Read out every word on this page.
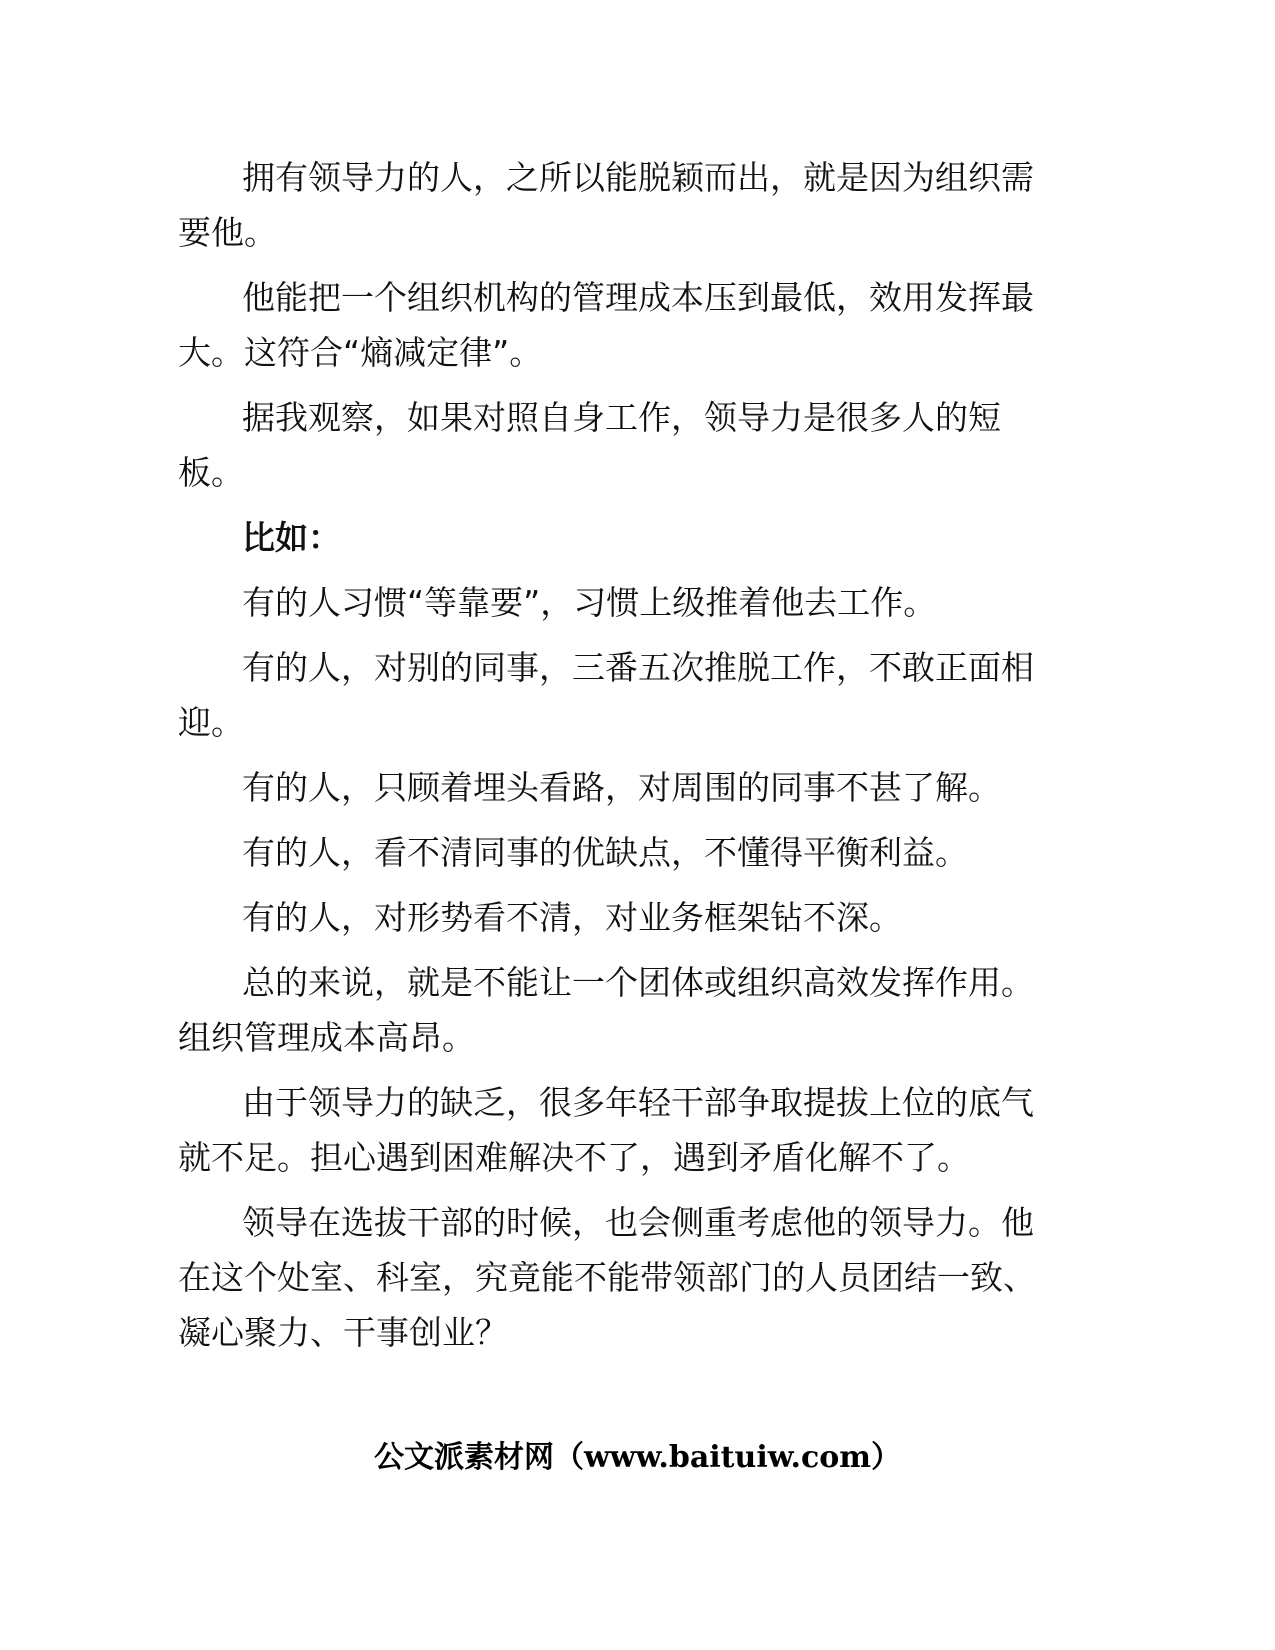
拥有领导力的人，之所以能脱颖而出，就是因为组织需要他。

他能把一个组织机构的管理成本压到最低，效用发挥最大。这符合“熵减定律”。

据我观察，如果对照自身工作，领导力是很多人的短板。

比如：

有的人习惯“等靠要”，习惯上级推着他去工作。

有的人，对别的同事，三番五次推脱工作，不敢正面相迎。

有的人，只顾着埋头看路，对周围的同事不甚了解。

有的人，看不清同事的优缺点，不懂得平衡利益。

有的人，对形势看不清，对业务框架钻不深。

总的来说，就是不能让一个团体或组织高效发挥作用。组织管理成本高昂。

由于领导力的缺乏，很多年轻干部争取提拔上位的底气就不足。担心遇到困难解决不了，遇到矛盾化解不了。

领导在选拔干部的时候，也会侧重考虑他的领导力。他在这个处室、科室，究竟能不能带领部门的人员团结一致、凝心聚力、干事创业？

公文派素材网（www.baituiw.com）
